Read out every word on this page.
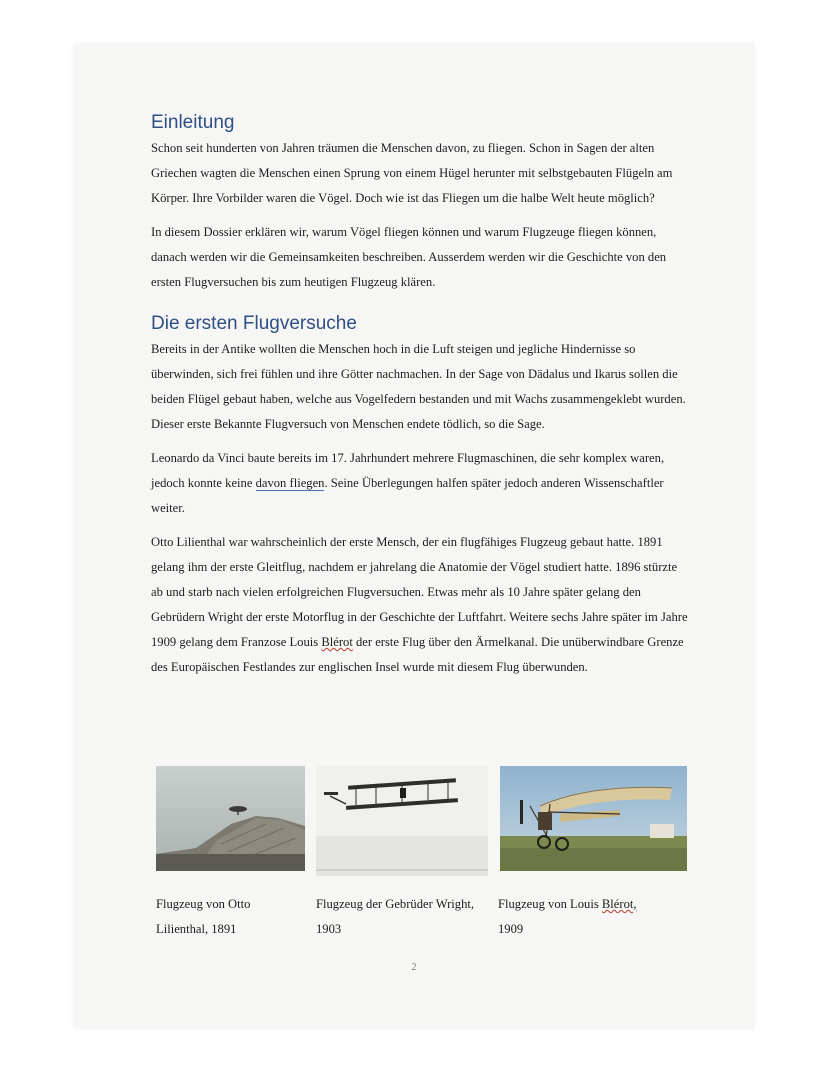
Einleitung

Schon seit hunderten von Jahren träumen die Menschen davon, zu fliegen. Schon in Sagen der alten Griechen wagten die Menschen einen Sprung von einem Hügel herunter mit selbstgebauten Flügeln am Körper. Ihre Vorbilder waren die Vögel. Doch wie ist das Fliegen um die halbe Welt heute möglich?

In diesem Dossier erklären wir, warum Vögel fliegen können und warum Flugzeuge fliegen können, danach werden wir die Gemeinsamkeiten beschreiben. Ausserdem werden wir die Geschichte von den ersten Flugversuchen bis zum heutigen Flugzeug klären.

Die ersten Flugversuche

Bereits in der Antike wollten die Menschen hoch in die Luft steigen und jegliche Hindernisse so überwinden, sich frei fühlen und ihre Götter nachmachen. In der Sage von Dädalus und Ikarus sollen die beiden Flügel gebaut haben, welche aus Vogelfedern bestanden und mit Wachs zusammengeklebt wurden. Dieser erste Bekannte Flugversuch von Menschen endete tödlich, so die Sage.

Leonardo da Vinci baute bereits im 17. Jahrhundert mehrere Flugmaschinen, die sehr komplex waren, jedoch konnte keine davon fliegen. Seine Überlegungen halfen später jedoch anderen Wissenschaftler weiter.

Otto Lilienthal war wahrscheinlich der erste Mensch, der ein flugfähiges Flugzeug gebaut hatte. 1891 gelang ihm der erste Gleitflug, nachdem er jahrelang die Anatomie der Vögel studiert hatte. 1896 stürzte ab und starb nach vielen erfolgreichen Flugversuchen. Etwas mehr als 10 Jahre später gelang den Gebrüdern Wright der erste Motorflug in der Geschichte der Luftfahrt. Weitere sechs Jahre später im Jahre 1909 gelang dem Franzose Louis Blérot der erste Flug über den Ärmelkanal. Die unüberwindbare Grenze des Europäischen Festlandes zur englischen Insel wurde mit diesem Flug überwunden.

Flugzeug von Otto Lilienthal, 1891
Flugzeug der Gebrüder Wright, 1903
Flugzeug von Louis Blérot,
1909
2
